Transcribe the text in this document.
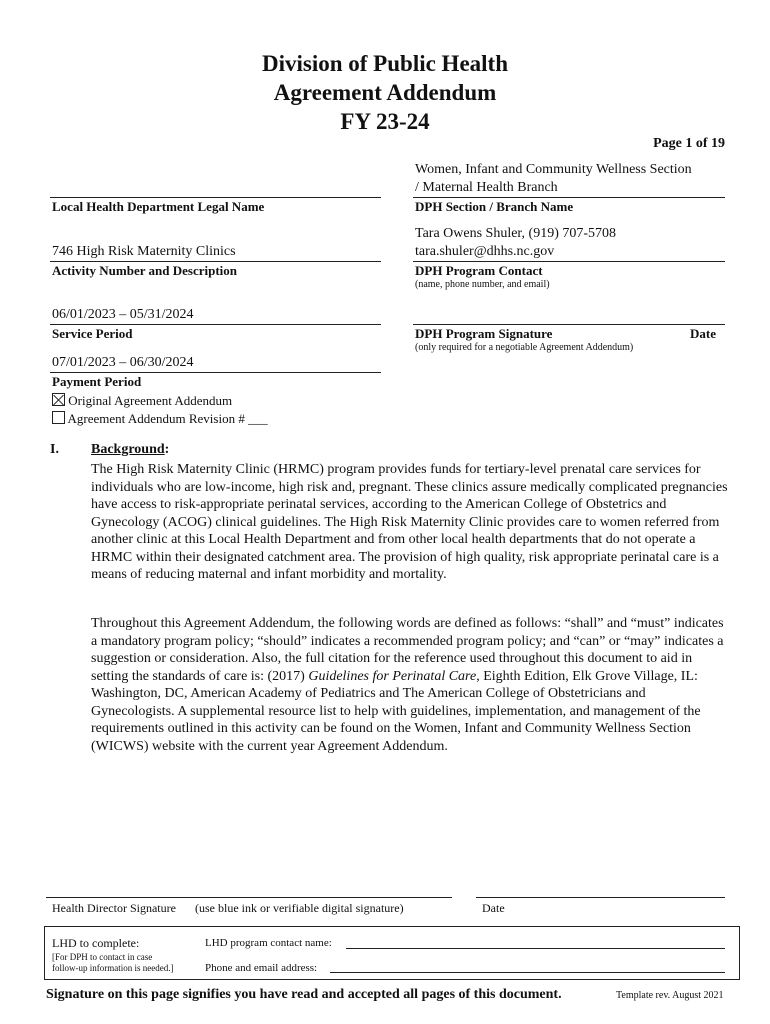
Division of Public Health
Agreement Addendum
FY 23-24
Page 1 of 19
Local Health Department Legal Name
746 High Risk Maternity Clinics
Activity Number and Description
06/01/2023 – 05/31/2024
Service Period
07/01/2023 – 06/30/2024
Payment Period
Original Agreement Addendum
Agreement Addendum Revision # ___
Women, Infant and Community Wellness Section
/ Maternal Health Branch
DPH Section / Branch Name
Tara Owens Shuler, (919) 707-5708
tara.shuler@dhhs.nc.gov
DPH Program Contact
(name, phone number, and email)
DPH Program Signature	Date
(only required for a negotiable Agreement Addendum)
I. Background:
The High Risk Maternity Clinic (HRMC) program provides funds for tertiary-level prenatal care services for individuals who are low-income, high risk and, pregnant. These clinics assure medically complicated pregnancies have access to risk-appropriate perinatal services, according to the American College of Obstetrics and Gynecology (ACOG) clinical guidelines. The High Risk Maternity Clinic provides care to women referred from another clinic at this Local Health Department and from other local health departments that do not operate a HRMC within their designated catchment area. The provision of high quality, risk appropriate perinatal care is a means of reducing maternal and infant morbidity and mortality.
Throughout this Agreement Addendum, the following words are defined as follows: “shall” and “must” indicates a mandatory program policy; “should” indicates a recommended program policy; and “can” or “may” indicates a suggestion or consideration. Also, the full citation for the reference used throughout this document to aid in setting the standards of care is: (2017) Guidelines for Perinatal Care, Eighth Edition, Elk Grove Village, IL: Washington, DC, American Academy of Pediatrics and The American College of Obstetricians and Gynecologists. A supplemental resource list to help with guidelines, implementation, and management of the requirements outlined in this activity can be found on the Women, Infant and Community Wellness Section (WICWS) website with the current year Agreement Addendum.
Health Director Signature (use blue ink or verifiable digital signature)	Date
LHD to complete:
[For DPH to contact in case
follow-up information is needed.]
LHD program contact name:
Phone and email address:
Signature on this page signifies you have read and accepted all pages of this document.	Template rev. August 2021
